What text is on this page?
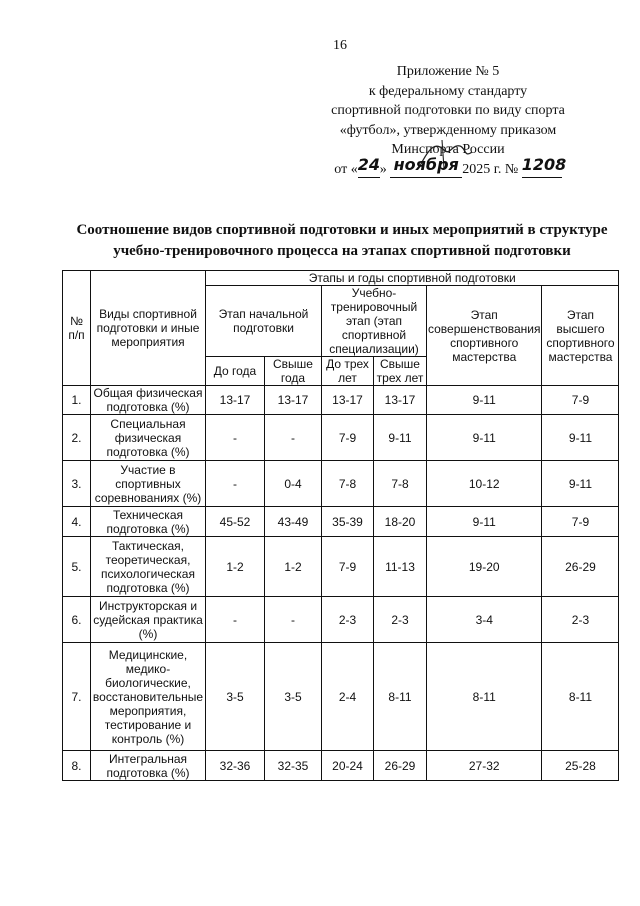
16
Приложение № 5
к федеральному стандарту
спортивной подготовки по виду спорта
«футбол», утвержденному приказом
Минспорта России
от «24» ноября 2025 г. № 1208
Соотношение видов спортивной подготовки и иных мероприятий в структуре
учебно-тренировочного процесса на этапах спортивной подготовки
№ п/п	Виды спортивной подготовки и иные мероприятия	Этапы и годы спортивной подготовки					
		Этап начальной подготовки		Учебно-тренировочный этап (этап спортивной специализации)		Этап совершенствования спортивного мастерства	Этап высшего спортивного мастерства
		До года	Свыше года	До трех лет	Свыше трех лет		
1.	Общая физическая подготовка (%)	13-17	13-17	13-17	13-17	9-11	7-9
2.	Специальная физическая подготовка (%)	-	-	7-9	9-11	9-11	9-11
3.	Участие в спортивных соревнованиях (%)	-	0-4	7-8	7-8	10-12	9-11
4.	Техническая подготовка (%)	45-52	43-49	35-39	18-20	9-11	7-9
5.	Тактическая, теоретическая, психологическая подготовка (%)	1-2	1-2	7-9	11-13	19-20	26-29
6.	Инструкторская и судейская практика (%)	-	-	2-3	2-3	3-4	2-3
7.	Медицинские, медико-биологические, восстановительные мероприятия, тестирование и контроль (%)	3-5	3-5	2-4	8-11	8-11	8-11
8.	Интегральная подготовка (%)	32-36	32-35	20-24	26-29	27-32	25-28
